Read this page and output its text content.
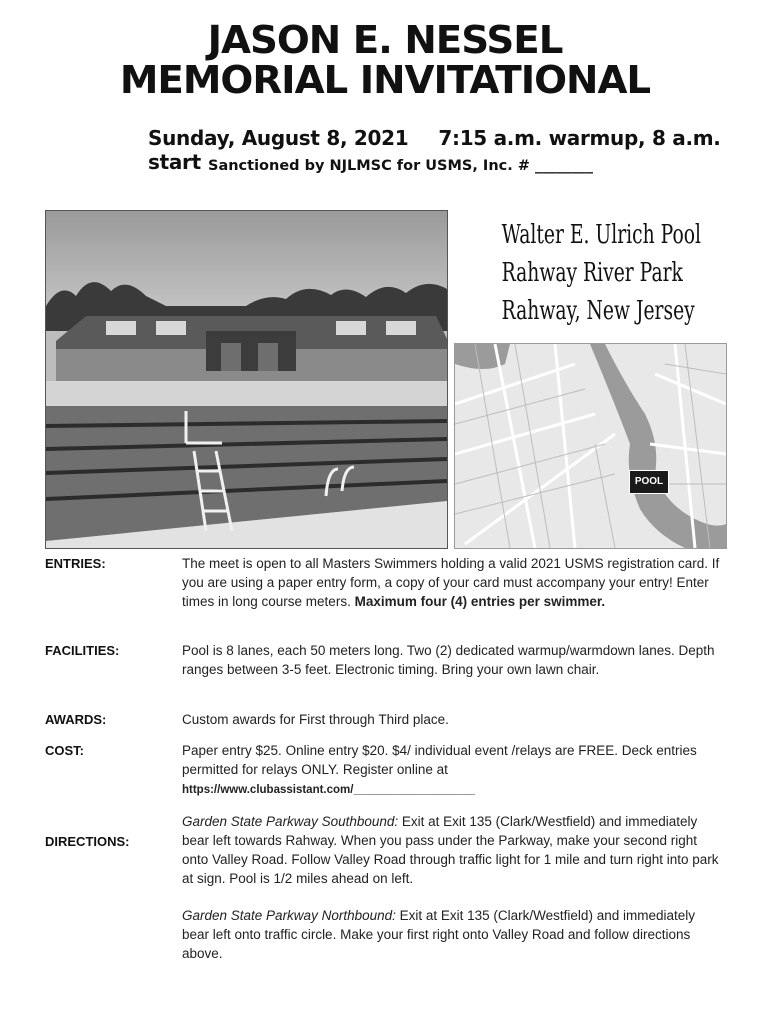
JASON E. NESSEL
MEMORIAL INVITATIONAL
Sunday, August 8, 2021 7:15 a.m. warmup, 8 a.m. start Sanctioned by NJLMSC for USMS, Inc. # ________
Walter E. Ulrich Pool
Rahway River Park
Rahway, New Jersey
POOL
ENTRIES:	The meet is open to all Masters Swimmers holding a valid 2021 USMS registration card. If you are using a paper entry form, a copy of your card must accompany your entry! Enter times in long course meters. Maximum four (4) entries per swimmer.
FACILITIES:	Pool is 8 lanes, each 50 meters long. Two (2) dedicated warmup/warmdown lanes. Depth ranges between 3-5 feet. Electronic timing. Bring your own lawn chair.
AWARDS:	Custom awards for First through Third place.
COST:	Paper entry $25. Online entry $20. $4/ individual event /relays are FREE. Deck entries permitted for relays ONLY. Register online at
https://www.clubassistant.com/___________________
DIRECTIONS:
Garden State Parkway Southbound: Exit at Exit 135 (Clark/Westfield) and immediately bear left towards Rahway. When you pass under the Parkway, make your second right onto Valley Road. Follow Valley Road through traffic light for 1 mile and turn right into park at sign. Pool is 1/2 miles ahead on left.
Garden State Parkway Northbound: Exit at Exit 135 (Clark/Westfield) and immediately bear left onto traffic circle. Make your first right onto Valley Road and follow directions above.
